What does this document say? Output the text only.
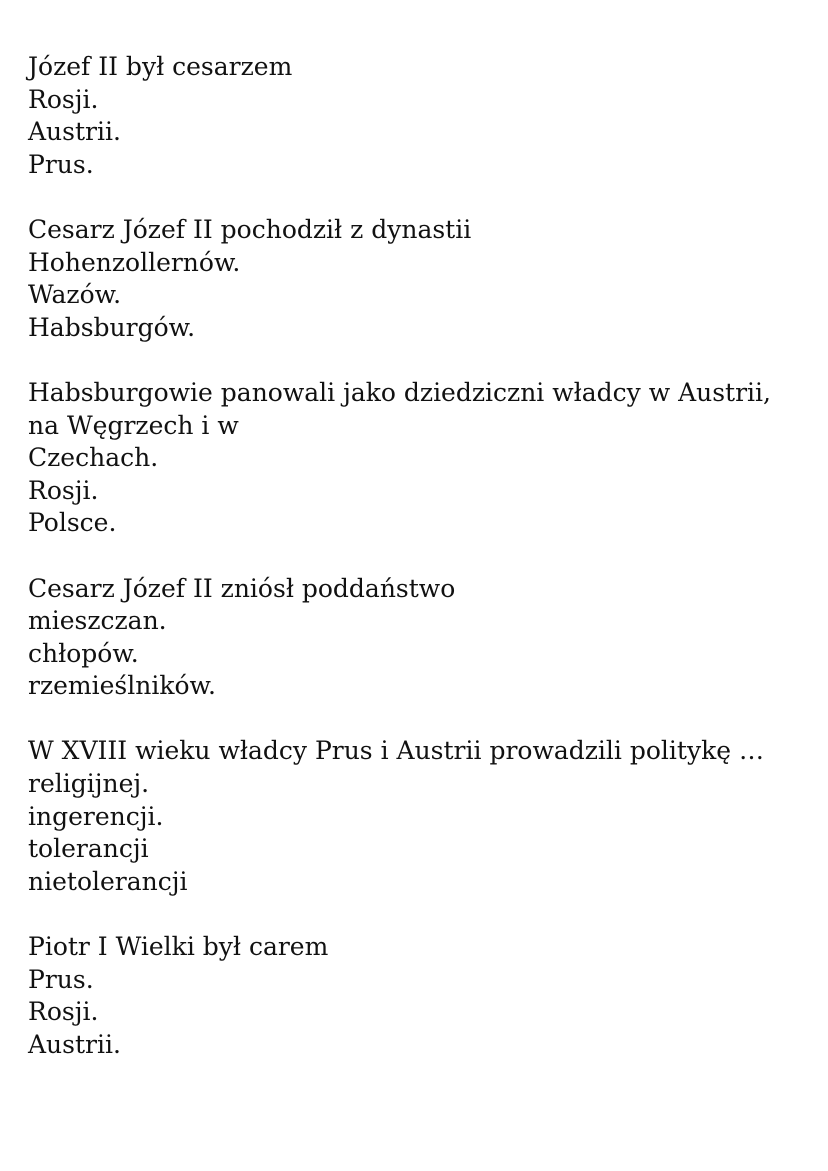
Józef II był cesarzem
Rosji.
Austrii.
Prus.
Cesarz Józef II pochodził z dynastii
Hohenzollernów.
Wazów.
Habsburgów.
Habsburgowie panowali jako dziedziczni władcy w Austrii, na Węgrzech i w
Czechach.
Rosji.
Polsce.
Cesarz Józef II zniósł poddaństwo
mieszczan.
chłopów.
rzemieślników.
W XVIII wieku władcy Prus i Austrii prowadzili politykę … religijnej.
ingerencji.
tolerancji
nietolerancji
Piotr I Wielki był carem
Prus.
Rosji.
Austrii.
